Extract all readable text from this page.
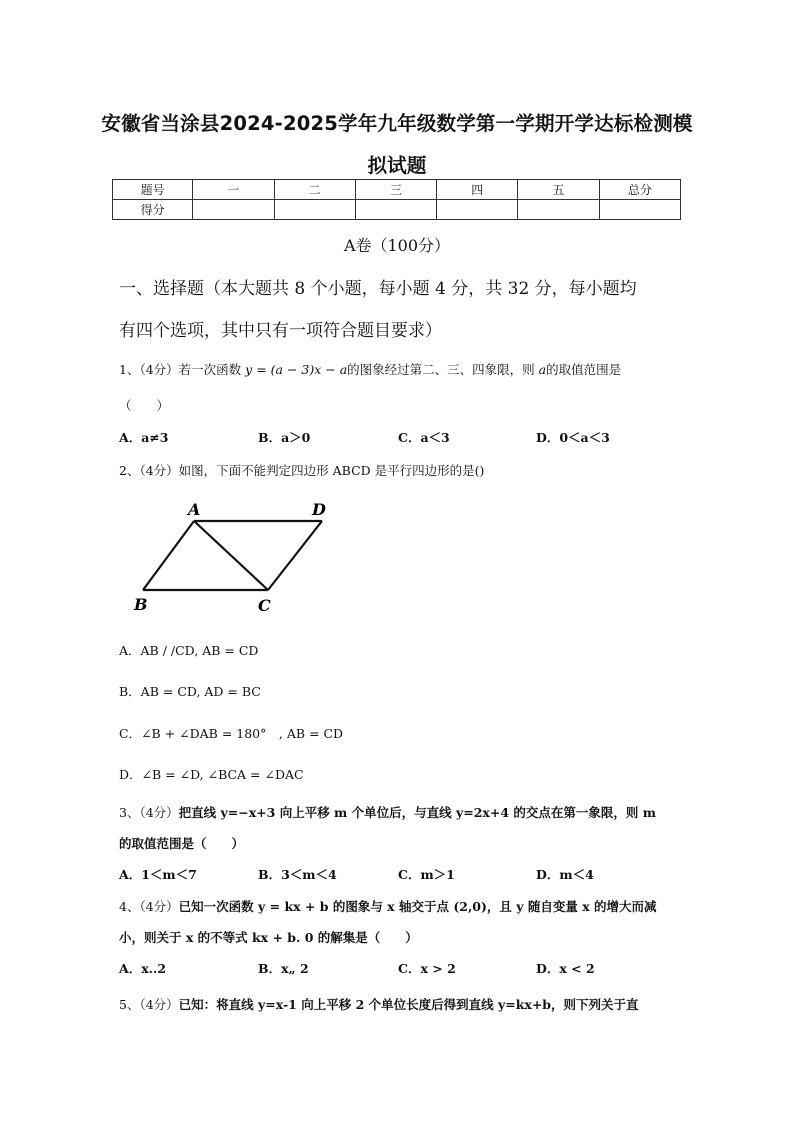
安徽省当涂县2024-2025学年九年级数学第一学期开学达标检测模
拟试题
题号	一	二	三	四	五	总分
得分						
A卷（100分）
一、选择题（本大题共 8 个小题，每小题 4 分，共 32 分，每小题均
有四个选项，其中只有一项符合题目要求）
1、（4分）若一次函数 y = (a − 3)x − a的图象经过第二、三、四象限，则 a的取值范围是
（　　）
A．a≠3	B．a＞0	C．a＜3	D．0＜a＜3
2、（4分）如图，下面不能判定四边形 ABCD 是平行四边形的是()
A	D
B	C
A．AB / /CD, AB = CD
B．AB = CD, AD = BC
C．∠B + ∠DAB = 180°　, AB = CD
D．∠B = ∠D, ∠BCA = ∠DAC
3、（4分）把直线 y=−x+3 向上平移 m 个单位后，与直线 y=2x+4 的交点在第一象限，则 m
的取值范围是（　　）
A．1＜m＜7	B．3＜m＜4	C．m＞1	D．m＜4
4、（4分）已知一次函数 y = kx + b 的图象与 x 轴交于点 (2,0)，且 y 随自变量 x 的增大而减
小，则关于 x 的不等式 kx + b. 0 的解集是（　　）
A．x..2	B．x„ 2	C．x > 2	D．x < 2
5、（4分）已知：将直线 y=x-1 向上平移 2 个单位长度后得到直线 y=kx+b，则下列关于直
